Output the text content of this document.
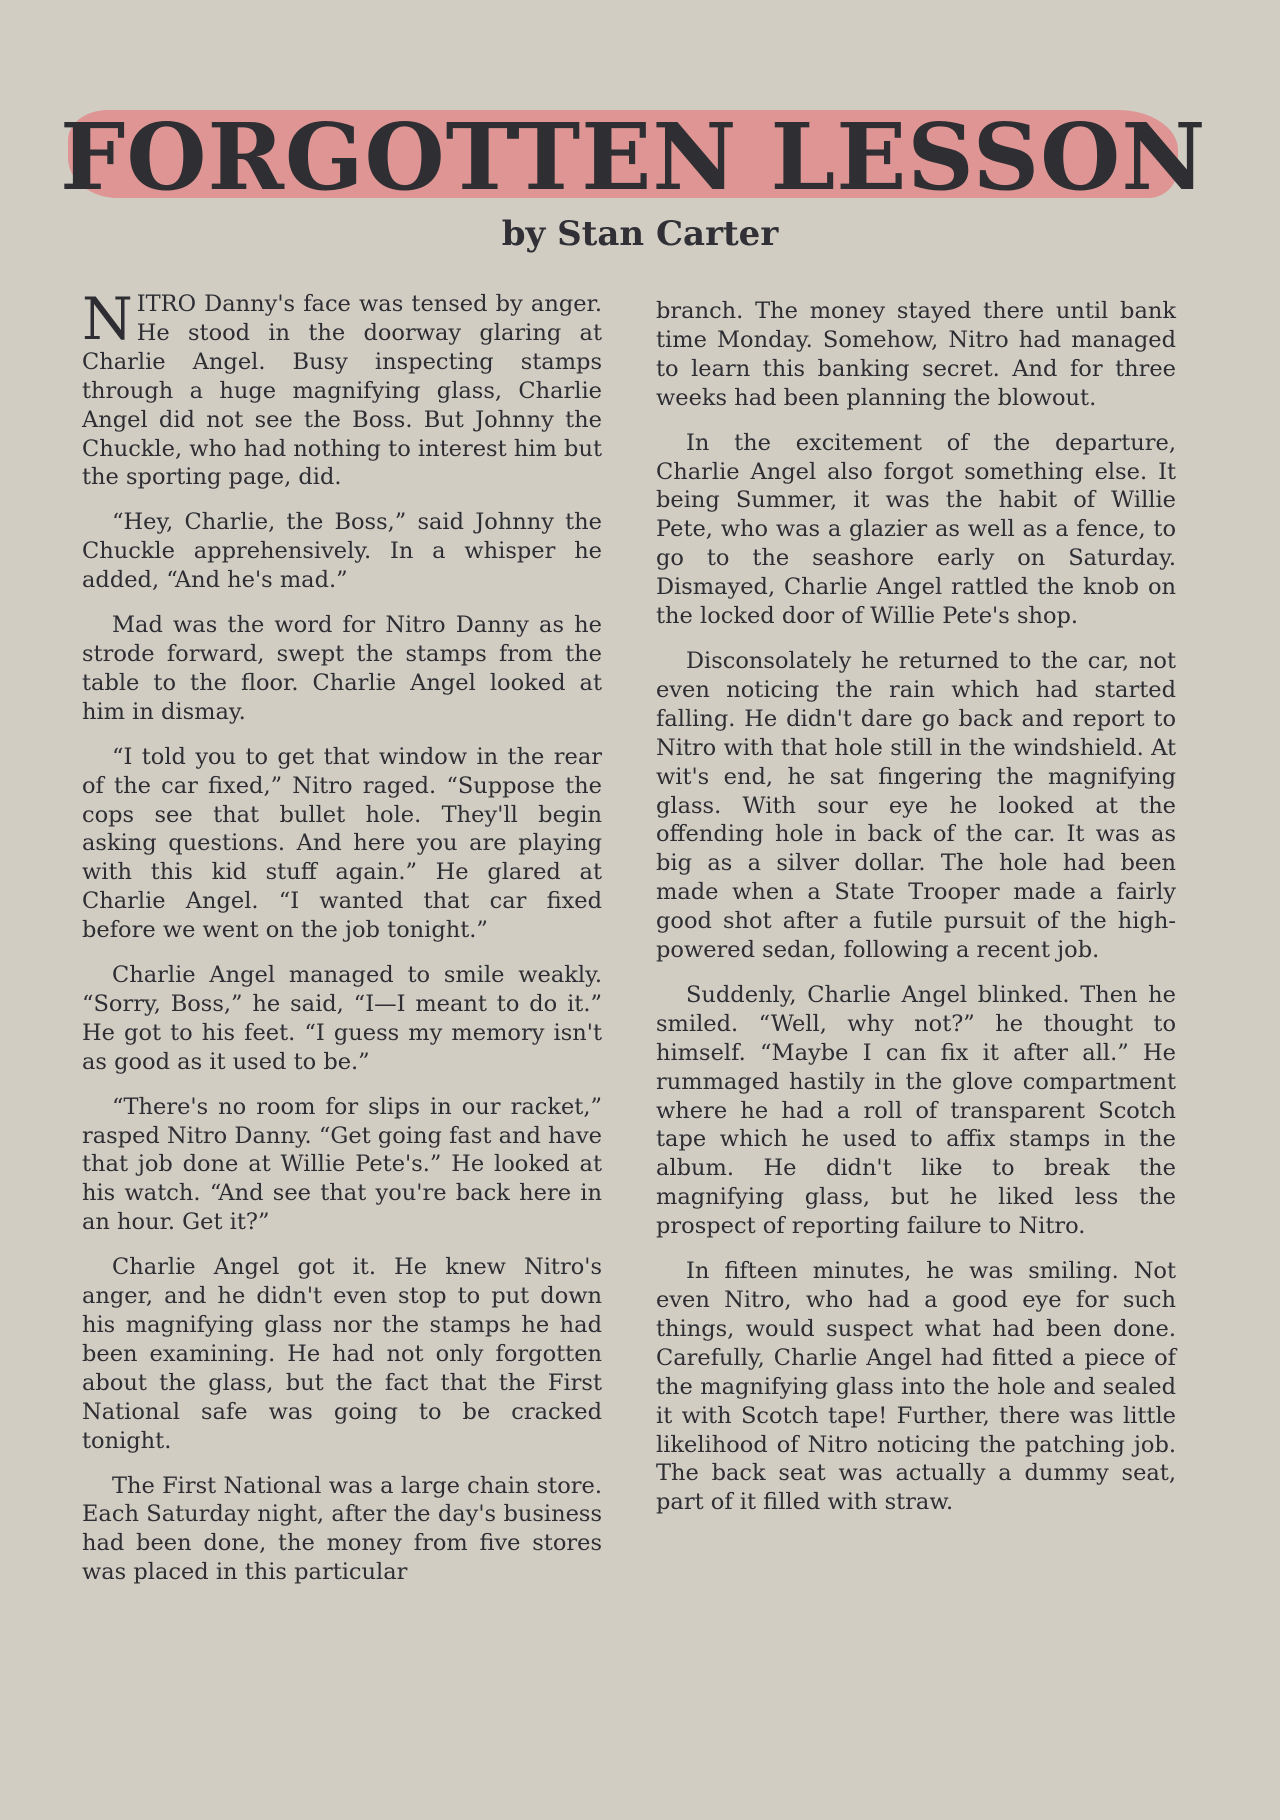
FORGOTTEN LESSON
by Stan Carter

NITRO Danny's face was tensed by anger. He stood in the doorway glaring at Charlie Angel. Busy inspecting stamps through a huge magnifying glass, Charlie Angel did not see the Boss. But Johnny the Chuckle, who had nothing to interest him but the sporting page, did.

“Hey, Charlie, the Boss,” said Johnny the Chuckle apprehensively. In a whisper he added, “And he's mad.”

Mad was the word for Nitro Danny as he strode forward, swept the stamps from the table to the floor. Charlie Angel looked at him in dismay.

“I told you to get that window in the rear of the car fixed,” Nitro raged. “Suppose the cops see that bullet hole. They'll begin asking questions. And here you are playing with this kid stuff again.” He glared at Charlie Angel. “I wanted that car fixed before we went on the job tonight.”

Charlie Angel managed to smile weakly. “Sorry, Boss,” he said, “I—I meant to do it.” He got to his feet. “I guess my memory isn't as good as it used to be.”

“There's no room for slips in our racket,” rasped Nitro Danny. “Get going fast and have that job done at Willie Pete's.” He looked at his watch. “And see that you're back here in an hour. Get it?”

Charlie Angel got it. He knew Nitro's anger, and he didn't even stop to put down his magnifying glass nor the stamps he had been examining. He had not only forgotten about the glass, but the fact that the First National safe was going to be cracked tonight.

The First National was a large chain store. Each Saturday night, after the day's business had been done, the money from five stores was placed in this particular

branch. The money stayed there until bank time Monday. Somehow, Nitro had managed to learn this banking secret. And for three weeks had been planning the blowout.

In the excitement of the departure, Charlie Angel also forgot something else. It being Summer, it was the habit of Willie Pete, who was a glazier as well as a fence, to go to the seashore early on Saturday. Dismayed, Charlie Angel rattled the knob on the locked door of Willie Pete's shop.

Disconsolately he returned to the car, not even noticing the rain which had started falling. He didn't dare go back and report to Nitro with that hole still in the windshield. At wit's end, he sat fingering the magnifying glass. With sour eye he looked at the offending hole in back of the car. It was as big as a silver dollar. The hole had been made when a State Trooper made a fairly good shot after a futile pursuit of the high-powered sedan, following a recent job.

Suddenly, Charlie Angel blinked. Then he smiled. “Well, why not?” he thought to himself. “Maybe I can fix it after all.” He rummaged hastily in the glove compartment where he had a roll of transparent Scotch tape which he used to affix stamps in the album. He didn't like to break the magnifying glass, but he liked less the prospect of reporting failure to Nitro.

In fifteen minutes, he was smiling. Not even Nitro, who had a good eye for such things, would suspect what had been done. Carefully, Charlie Angel had fitted a piece of the magnifying glass into the hole and sealed it with Scotch tape! Further, there was little likelihood of Nitro noticing the patching job. The back seat was actually a dummy seat, part of it filled with straw.
